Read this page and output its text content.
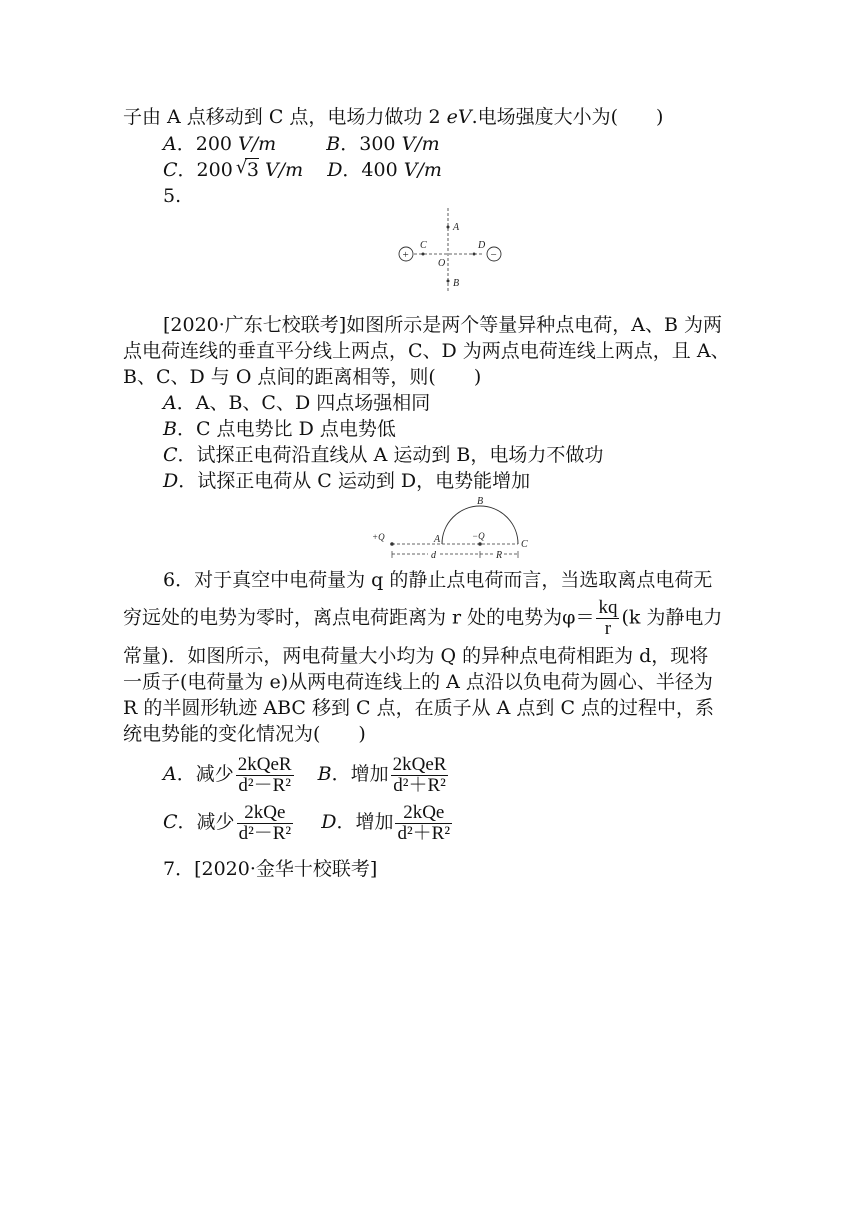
子由 A 点移动到 C 点，电场力做功 2 eV.电场强度大小为(　　)
A．200 V/m	B．300 V/m
C．200√ 3 V/m D．400 V/m
5.
+	−
A
B
C	D
O
[2020·广东七校联考]如图所示是两个等量异种点电荷，A、B 为两
点电荷连线的垂直平分线上两点，C、D 为两点电荷连线上两点，且 A、
B、C、D 与 O 点间的距离相等，则(　　)
A．A、B、C、D 四点场强相同
B．C 点电势比 D 点电势低
C．试探正电荷沿直线从 A 运动到 B，电场力不做功
D．试探正电荷从 C 运动到 D，电势能增加
+Q	−Q
A
B
C
d	R
6．对于真空中电荷量为 q 的静止点电荷而言，当选取离点电荷无
穷远处的电势为零时，离点电荷距离为 r 处的电势为$\varphi= \frac{kq}{r} (k$ 为静电力
常量)．如图所示，两电荷量大小均为 Q 的异种点电荷相距为 d，现将
一质子(电荷量为 e)从两电荷连线上的 A 点沿以负电荷为圆心、半径为
R 的半圆形轨迹 ABC 移到 C 点，在质子从 A 点到 C 点的过程中，系
统电势能的变化情况为(　　)
A．减少 $\frac{\text{2kQeR}}{\text{d²－R²}}$ B．增加 $\frac{\text{2kQeR}}{\text{d²＋R²}}$
C．减少 $\frac{\text{2kQe}}{\text{d²－R²}}$ D．增加 $\frac{\text{2kQe}}{\text{d²＋R²}}$
7．[2020·金华十校联考]
